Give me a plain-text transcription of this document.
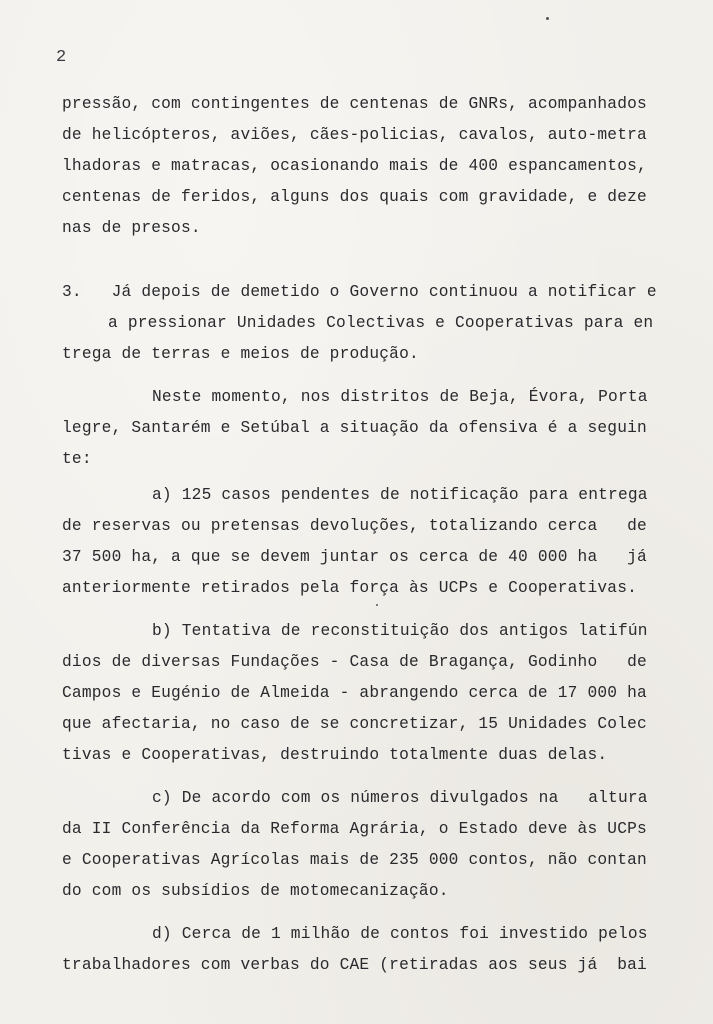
2
pressão, com contingentes de centenas de GNRs, acompanhados
de helicópteros, aviões, cães-policias, cavalos, auto-metra
lhadoras e matracas, ocasionando mais de 400 espancamentos,
centenas de feridos, alguns dos quais com gravidade, e deze
nas de presos.
3.   Já depois de demetido o Governo continuou a notificar e
a pressionar Unidades Colectivas e Cooperativas para en
trega de terras e meios de produção.
Neste momento, nos distritos de Beja, Évora, Porta
legre, Santarém e Setúbal a situação da ofensiva é a seguin
te:
a) 125 casos pendentes de notificação para entrega
de reservas ou pretensas devoluções, totalizando cerca   de
37 500 ha, a que se devem juntar os cerca de 40 000 ha   já
anteriormente retirados pela força às UCPs e Cooperativas.
b) Tentativa de reconstituição dos antigos latifún
dios de diversas Fundações - Casa de Bragança, Godinho   de
Campos e Eugénio de Almeida - abrangendo cerca de 17 000 ha
que afectaria, no caso de se concretizar, 15 Unidades Colec
tivas e Cooperativas, destruindo totalmente duas delas.
c) De acordo com os números divulgados na   altura
da II Conferência da Reforma Agrária, o Estado deve às UCPs
e Cooperativas Agrícolas mais de 235 000 contos, não contan
do com os subsídios de motomecanização.
d) Cerca de 1 milhão de contos foi investido pelos
trabalhadores com verbas do CAE (retiradas aos seus já  bai
